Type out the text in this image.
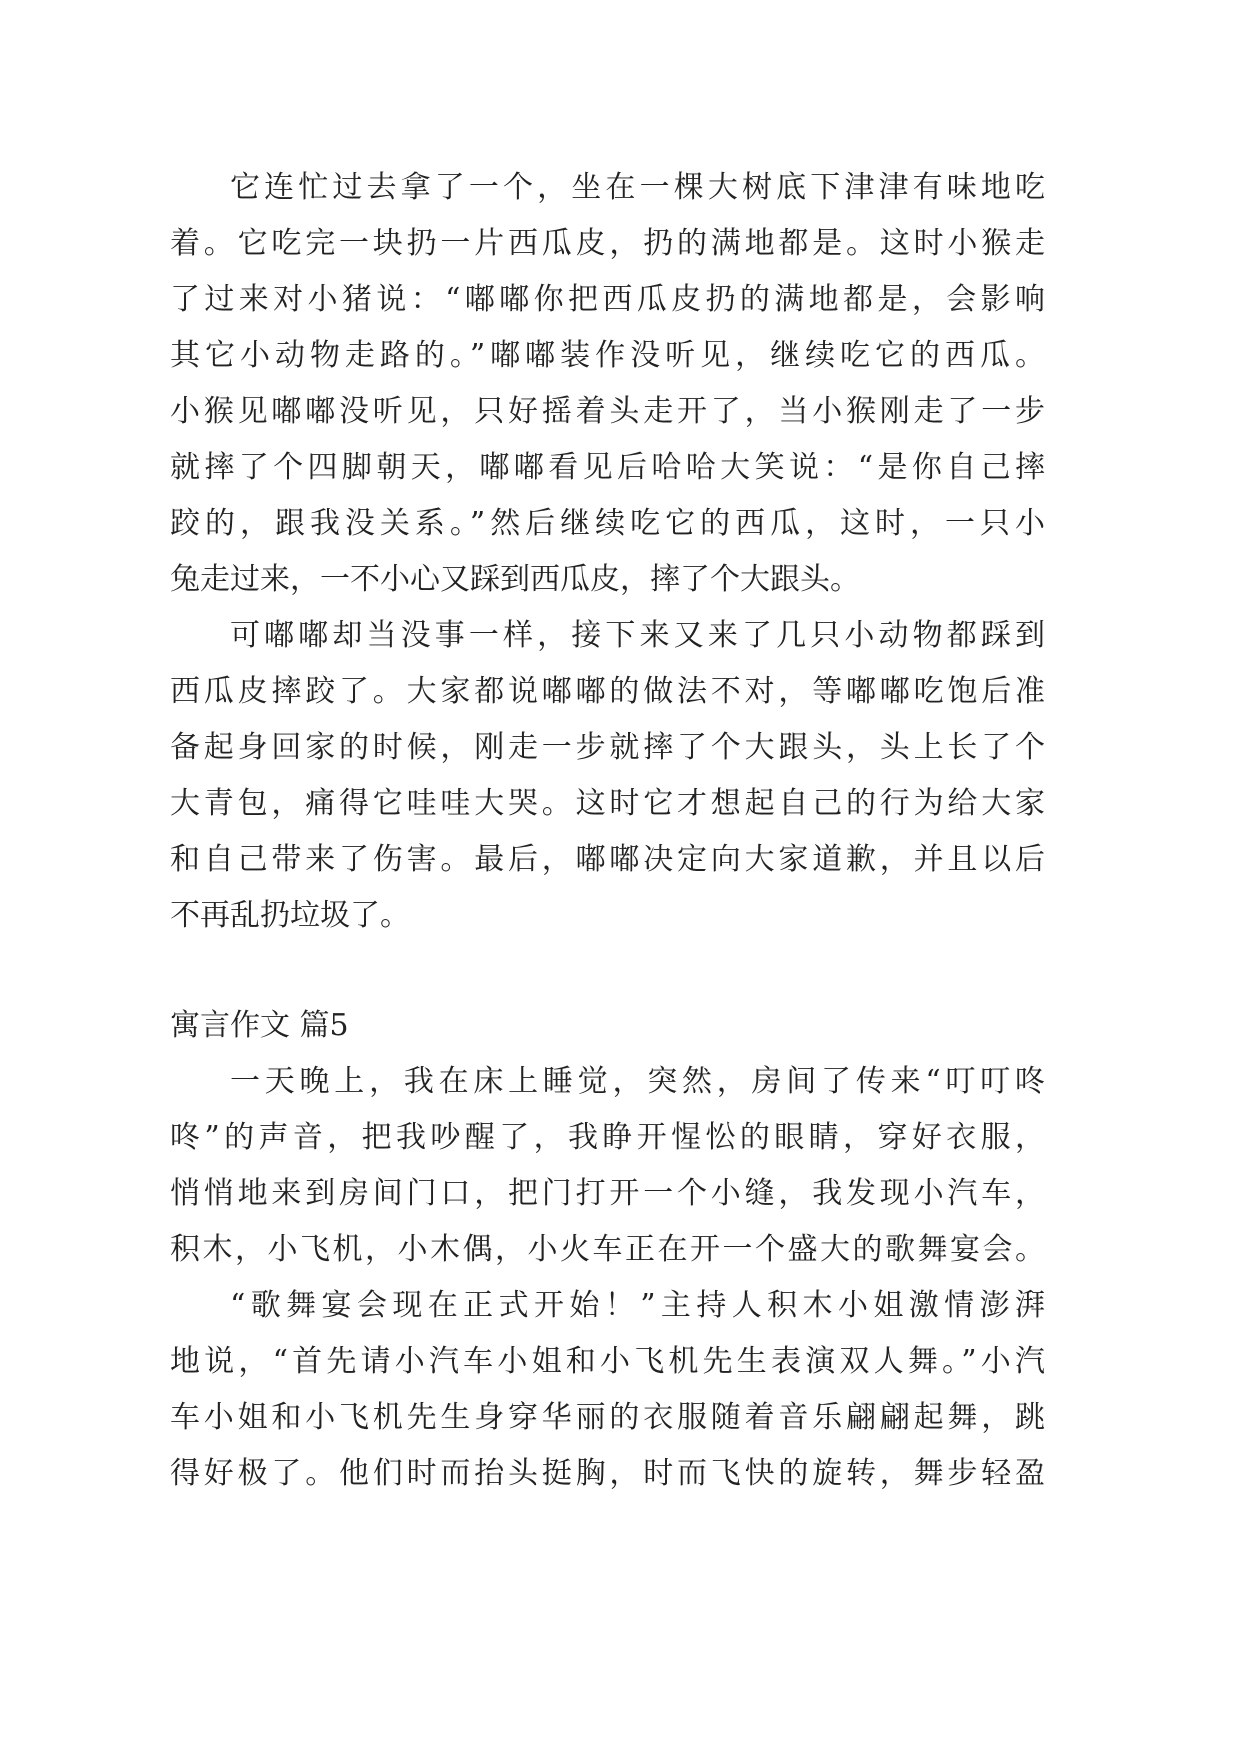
它连忙过去拿了一个，坐在一棵大树底下津津有味地吃
着。它吃完一块扔一片西瓜皮，扔的满地都是。这时小猴走
了过来对小猪说：“嘟嘟你把西瓜皮扔的满地都是，会影响
其它小动物走路的。”嘟嘟装作没听见，继续吃它的西瓜。
小猴见嘟嘟没听见，只好摇着头走开了，当小猴刚走了一步
就摔了个四脚朝天，嘟嘟看见后哈哈大笑说：“是你自己摔
跤的，跟我没关系。”然后继续吃它的西瓜，这时，一只小
兔走过来，一不小心又踩到西瓜皮，摔了个大跟头。
可嘟嘟却当没事一样，接下来又来了几只小动物都踩到
西瓜皮摔跤了。大家都说嘟嘟的做法不对，等嘟嘟吃饱后准
备起身回家的时候，刚走一步就摔了个大跟头，头上长了个
大青包，痛得它哇哇大哭。这时它才想起自己的行为给大家
和自己带来了伤害。最后，嘟嘟决定向大家道歉，并且以后
不再乱扔垃圾了。
寓言作文 篇5
一天晚上，我在床上睡觉，突然，房间了传来“叮叮咚
咚”的声音，把我吵醒了，我睁开惺忪的眼睛，穿好衣服，
悄悄地来到房间门口，把门打开一个小缝，我发现小汽车，
积木，小飞机，小木偶，小火车正在开一个盛大的歌舞宴会。
“歌舞宴会现在正式开始！”主持人积木小姐激情澎湃
地说，“首先请小汽车小姐和小飞机先生表演双人舞。”小汽
车小姐和小飞机先生身穿华丽的衣服随着音乐翩翩起舞，跳
得好极了。他们时而抬头挺胸，时而飞快的旋转，舞步轻盈
